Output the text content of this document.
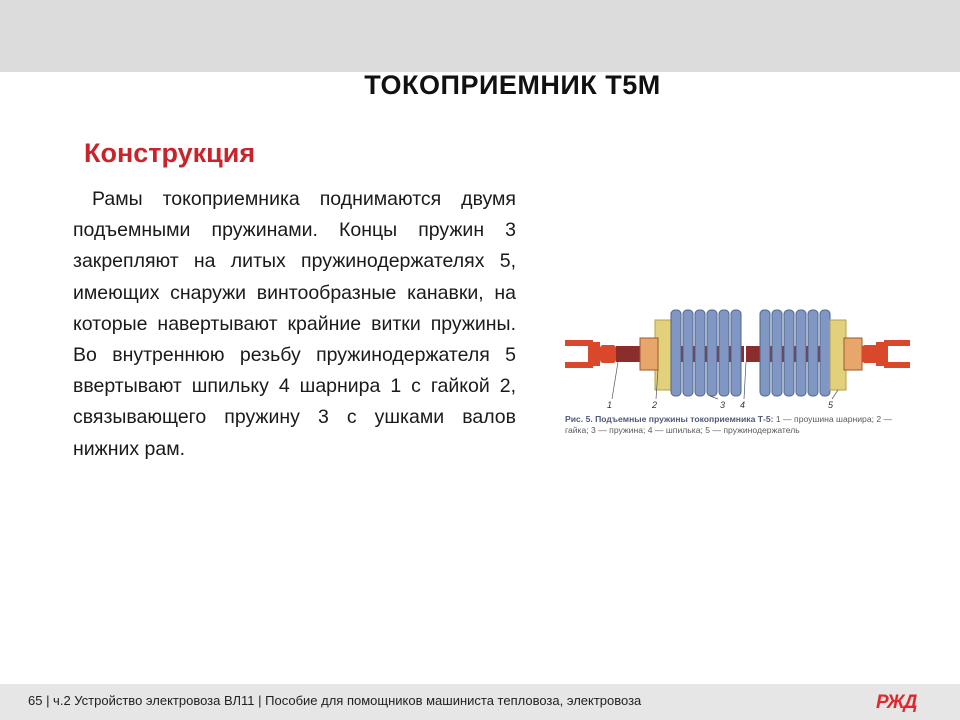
ТОКОПРИЕМНИК Т5М
Конструкция
Рамы токоприемника поднимаются двумя подъемными пружинами. Концы пружин 3 закрепляют на литых пружинодержателях 5, имеющих снаружи винтообразные канавки, на которые навертывают крайние витки пружины. Во внутреннюю резьбу пружинодержателя 5 ввертывают шпильку 4 шарнира 1 с гайкой 2, связывающего пружину 3 с ушками валов нижних рам.
1	2	3 4	5
Рис. 5. Подъемные пружины токоприемника Т-5: 1 — проушина шарнира; 2 — гайка; 3 — пружина; 4 — шпилька; 5 — пружинодержатель
65 | ч.2 Устройство электровоза ВЛ11 | Пособие для помощников машиниста тепловоза, электровоза	РЖД
